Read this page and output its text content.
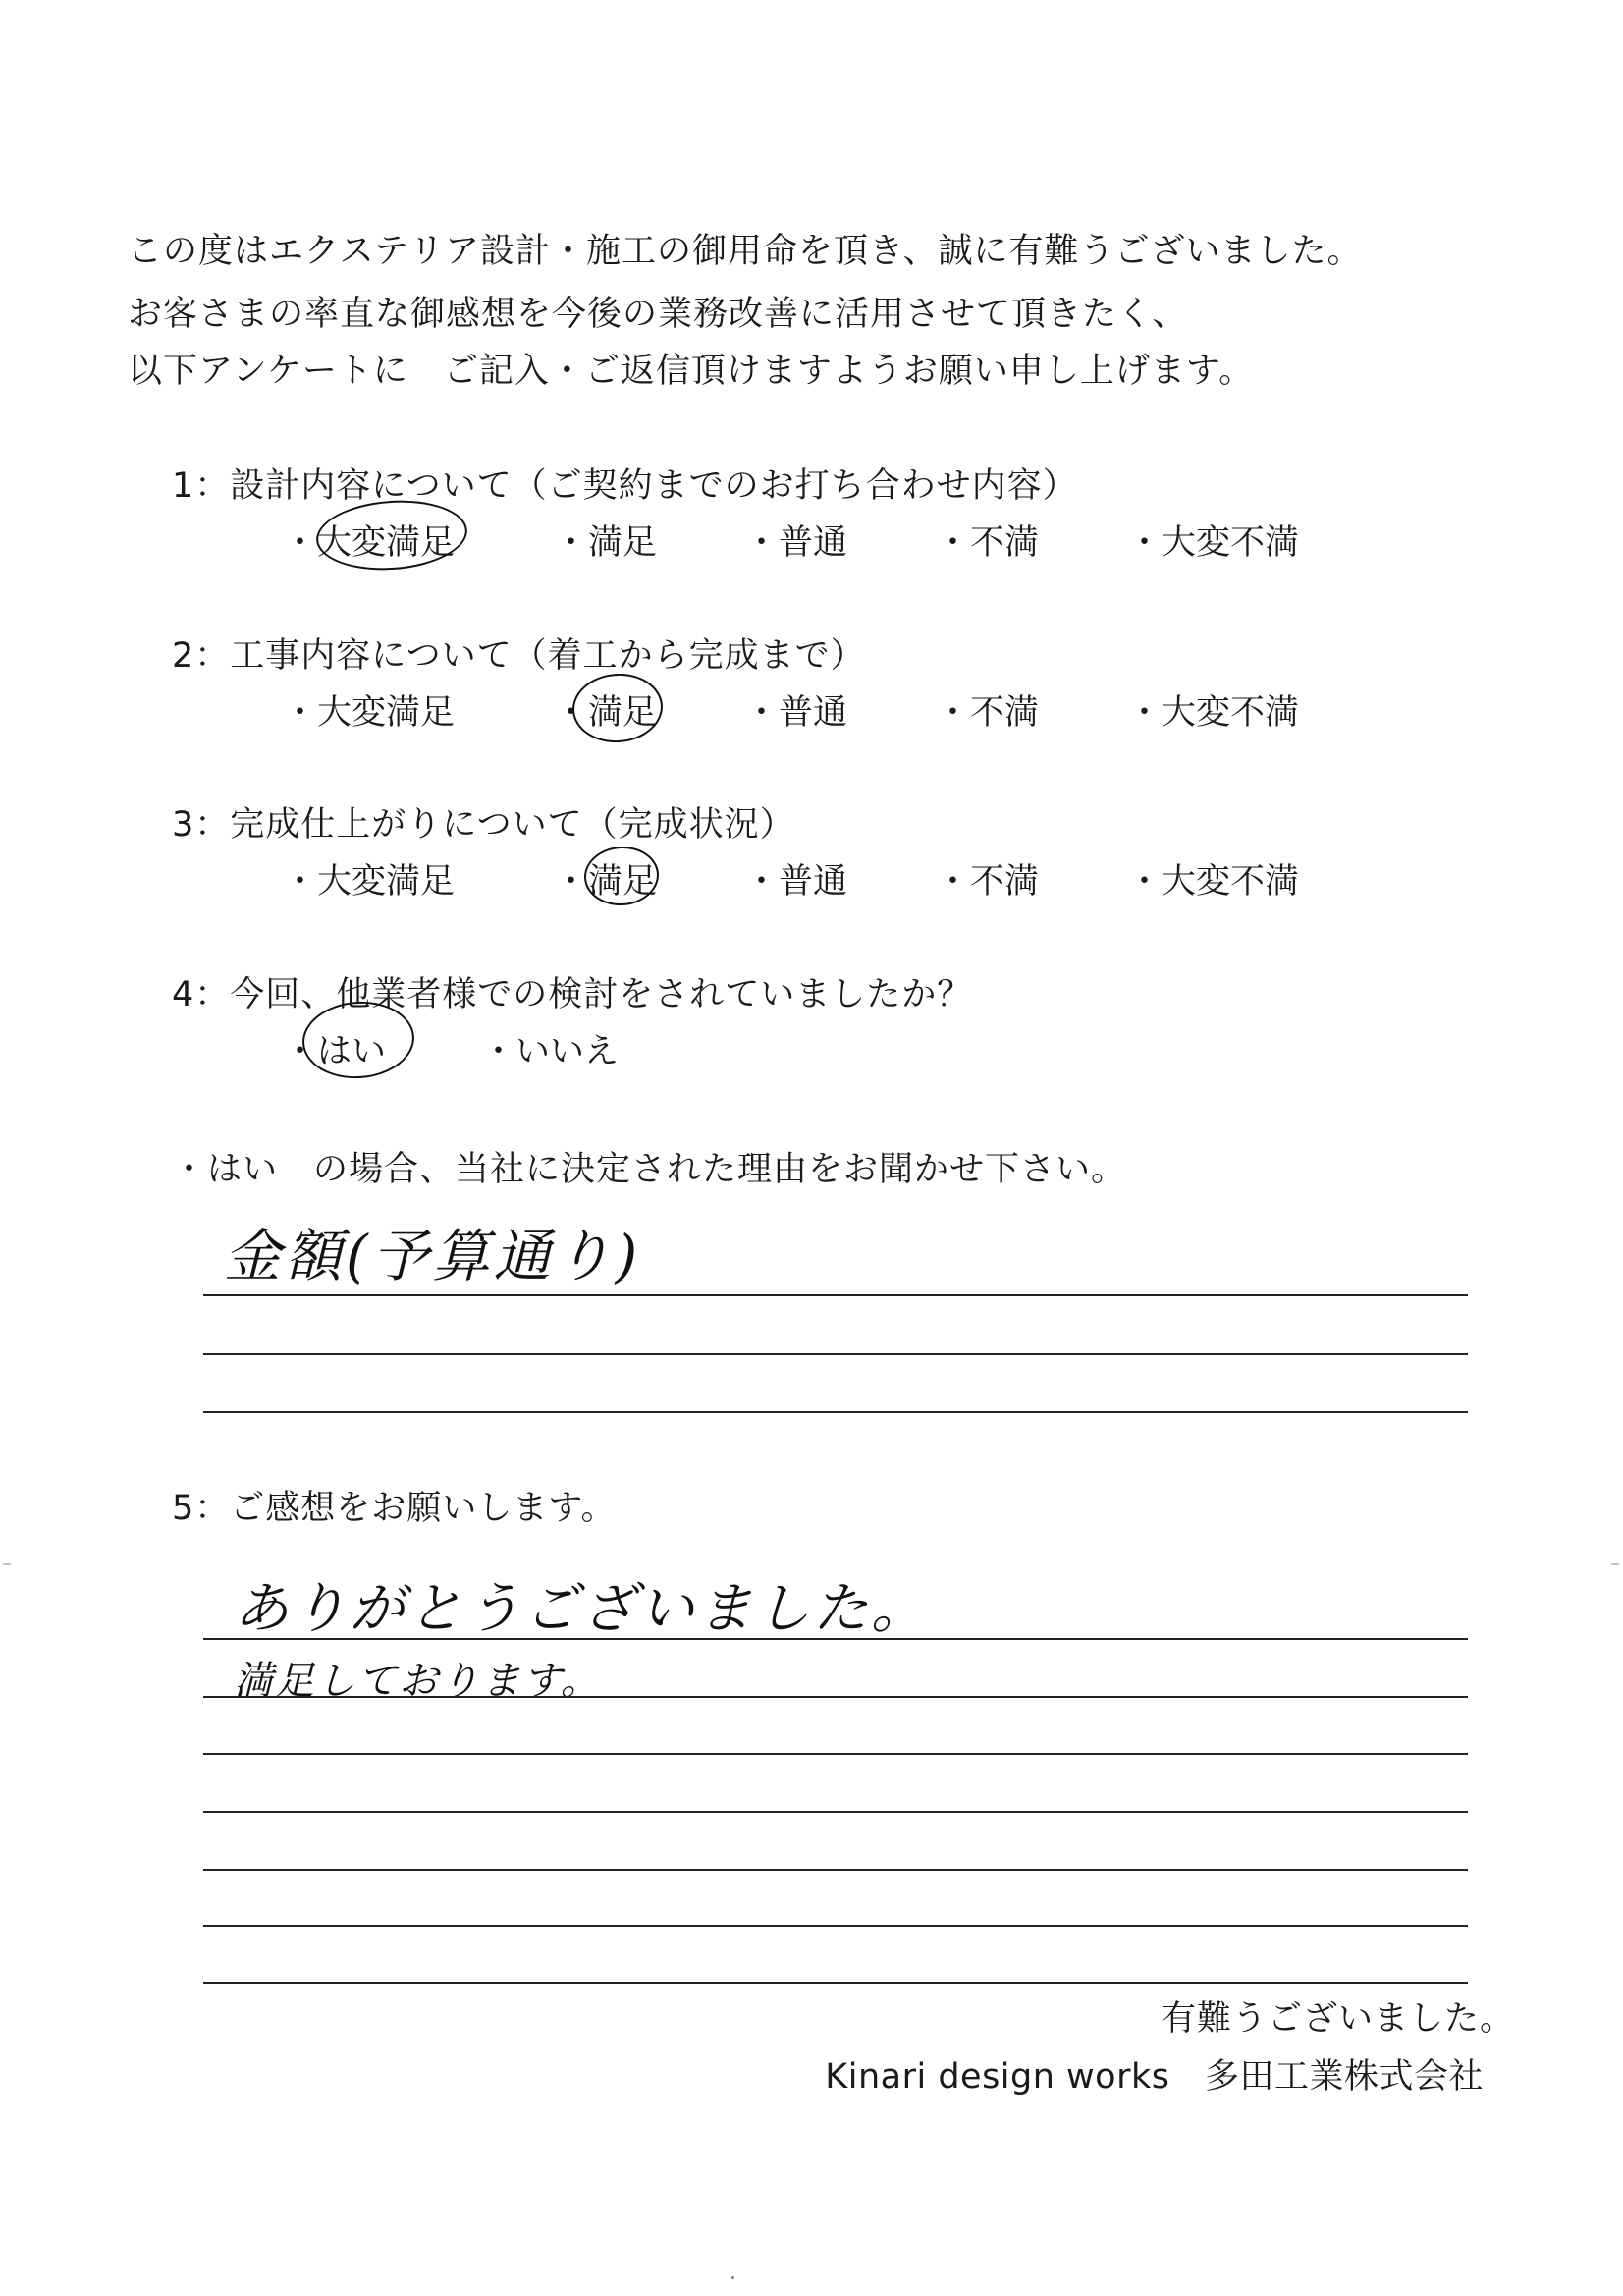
この度はエクステリア設計・施工の御用命を頂き、誠に有難うございました。
お客さまの率直な御感想を今後の業務改善に活用させて頂きたく、
以下アンケートに　ご記入・ご返信頂けますようお願い申し上げます。
1：設計内容について（ご契約までのお打ち合わせ内容）
・大変満足	・満足	・普通	・不満	・大変不満
2：工事内容について（着工から完成まで）
・大変満足	・満足	・普通	・不満	・大変不満
3：完成仕上がりについて（完成状況）
・大変満足	・満足	・普通	・不満	・大変不満
4：今回、他業者様での検討をされていましたか？
・はい	・いいえ
・はい　の場合、当社に決定された理由をお聞かせ下さい。
金額(予算通り)
5：ご感想をお願いします。
ありがとうございました。
満足しております。
有難うございました。
Kinari design works　多田工業株式会社
